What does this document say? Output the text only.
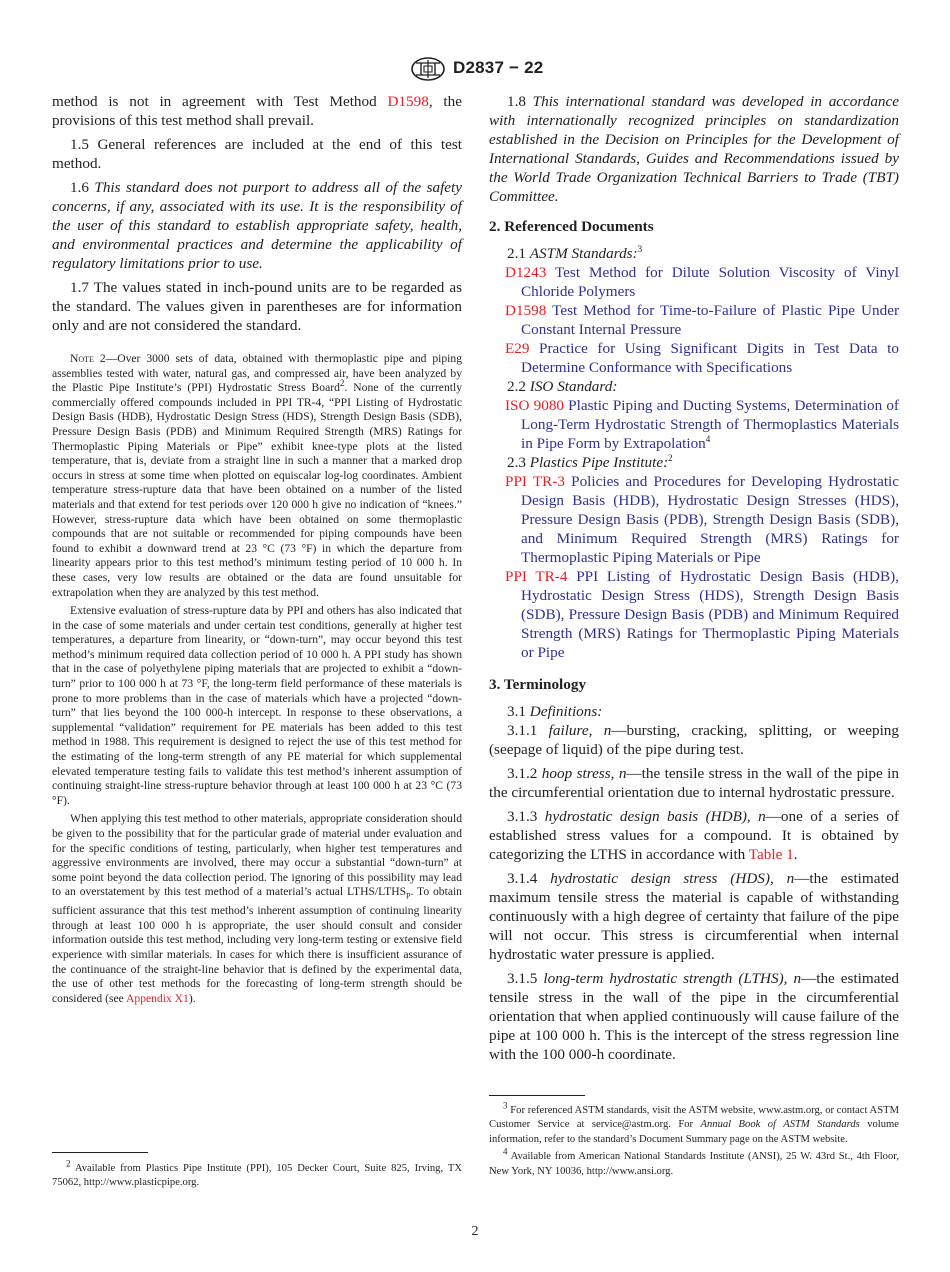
D2837 − 22

method is not in agreement with Test Method D1598, the provisions of this test method shall prevail.

1.5 General references are included at the end of this test method.

1.6 This standard does not purport to address all of the safety concerns, if any, associated with its use. It is the responsibility of the user of this standard to establish appropriate safety, health, and environmental practices and determine the applicability of regulatory limitations prior to use.

1.7 The values stated in inch-pound units are to be regarded as the standard. The values given in parentheses are for information only and are not considered the standard.

Note 2—Over 3000 sets of data, obtained with thermoplastic pipe and piping assemblies tested with water, natural gas, and compressed air, have been analyzed by the Plastic Pipe Institute’s (PPI) Hydrostatic Stress Board$^2$. None of the currently commercially offered compounds included in PPI TR-4, “PPI Listing of Hydrostatic Design Basis (HDB), Hydrostatic Design Stress (HDS), Strength Design Basis (SDB), Pressure Design Basis (PDB) and Minimum Required Strength (MRS) Ratings for Thermoplastic Piping Materials or Pipe” exhibit knee-type plots at the listed temperature, that is, deviate from a straight line in such a manner that a marked drop occurs in stress at some time when plotted on equiscalar log-log coordinates. Ambient temperature stress-rupture data that have been obtained on a number of the listed materials and that extend for test periods over 120 000 h give no indication of “knees.” However, stress-rupture data which have been obtained on some thermoplastic compounds that are not suitable or recommended for piping compounds have been found to exhibit a downward trend at 23 °C (73 °F) in which the departure from linearity appears prior to this test method’s minimum testing period of 10 000 h. In these cases, very low results are obtained or the data are found unsuitable for extrapolation when they are analyzed by this test method.

Extensive evaluation of stress-rupture data by PPI and others has also indicated that in the case of some materials and under certain test conditions, generally at higher test temperatures, a departure from linearity, or “down-turn”, may occur beyond this test method’s minimum required data collection period of 10 000 h. A PPI study has shown that in the case of polyethylene piping materials that are projected to exhibit a “down-turn” prior to 100 000 h at 73 °F, the long-term field performance of these materials is prone to more problems than in the case of materials which have a projected “down-turn” that lies beyond the 100 000-h intercept. In response to these observations, a supplemental “validation” requirement for PE materials has been added to this test method in 1988. This requirement is designed to reject the use of this test method for the estimating of the long-term strength of any PE material for which supplemental elevated temperature testing fails to validate this test method’s inherent assumption of continuing straight-line stress-rupture behavior through at least 100 000 h at 23 °C (73 °F).

When applying this test method to other materials, appropriate consideration should be given to the possibility that for the particular grade of material under evaluation and for the specific conditions of testing, particularly, when higher test temperatures and aggressive environments are involved, there may occur a substantial “down-turn” at some point beyond the data collection period. The ignoring of this possibility may lead to an overstatement by this test method of a material’s actual LTHS/$LTHS_P$. To obtain sufficient assurance that this test method’s inherent assumption of continuing linearity through at least 100 000 h is appropriate, the user should consult and consider information outside this test method, including very long-term testing or extensive field experience with similar materials. In cases for which there is insufficient assurance of the continuance of the straight-line behavior that is defined by the experimental data, the use of other test methods for the forecasting of long-term strength should be considered (see Appendix X1).

1.8 This international standard was developed in accordance with internationally recognized principles on standardization established in the Decision on Principles for the Development of International Standards, Guides and Recommendations issued by the World Trade Organization Technical Barriers to Trade (TBT) Committee.

2. Referenced Documents

2.1 ASTM Standards:$^3$

D1243 Test Method for Dilute Solution Viscosity of Vinyl Chloride Polymers

D1598 Test Method for Time-to-Failure of Plastic Pipe Under Constant Internal Pressure

E29 Practice for Using Significant Digits in Test Data to Determine Conformance with Specifications

2.2 ISO Standard:

ISO 9080 Plastic Piping and Ducting Systems, Determination of Long-Term Hydrostatic Strength of Thermoplastics Materials in Pipe Form by Extrapolation$^4$

2.3 Plastics Pipe Institute:$^2$

PPI TR-3 Policies and Procedures for Developing Hydrostatic Design Basis (HDB), Hydrostatic Design Stresses (HDS), Pressure Design Basis (PDB), Strength Design Basis (SDB), and Minimum Required Strength (MRS) Ratings for Thermoplastic Piping Materials or Pipe

PPI TR-4 PPI Listing of Hydrostatic Design Basis (HDB), Hydrostatic Design Stress (HDS), Strength Design Basis (SDB), Pressure Design Basis (PDB) and Minimum Required Strength (MRS) Ratings for Thermoplastic Piping Materials or Pipe

3. Terminology

3.1 Definitions:

3.1.1 failure, n—bursting, cracking, splitting, or weeping (seepage of liquid) of the pipe during test.

3.1.2 hoop stress, n—the tensile stress in the wall of the pipe in the circumferential orientation due to internal hydrostatic pressure.

3.1.3 hydrostatic design basis (HDB), n—one of a series of established stress values for a compound. It is obtained by categorizing the LTHS in accordance with Table 1.

3.1.4 hydrostatic design stress (HDS), n—the estimated maximum tensile stress the material is capable of withstanding continuously with a high degree of certainty that failure of the pipe will not occur. This stress is circumferential when internal hydrostatic water pressure is applied.

3.1.5 long-term hydrostatic strength (LTHS), n—the estimated tensile stress in the wall of the pipe in the circumferential orientation that when applied continuously will cause failure of the pipe at 100 000 h. This is the intercept of the stress regression line with the 100 000-h coordinate.

$^2$ Available from Plastics Pipe Institute (PPI), 105 Decker Court, Suite 825, Irving, TX 75062, http://www.plasticpipe.org.

$^3$ For referenced ASTM standards, visit the ASTM website, www.astm.org, or contact ASTM Customer Service at service@astm.org. For Annual Book of ASTM Standards volume information, refer to the standard’s Document Summary page on the ASTM website.

$^4$ Available from American National Standards Institute (ANSI), 25 W. 43rd St., 4th Floor, New York, NY 10036, http://www.ansi.org.

2
